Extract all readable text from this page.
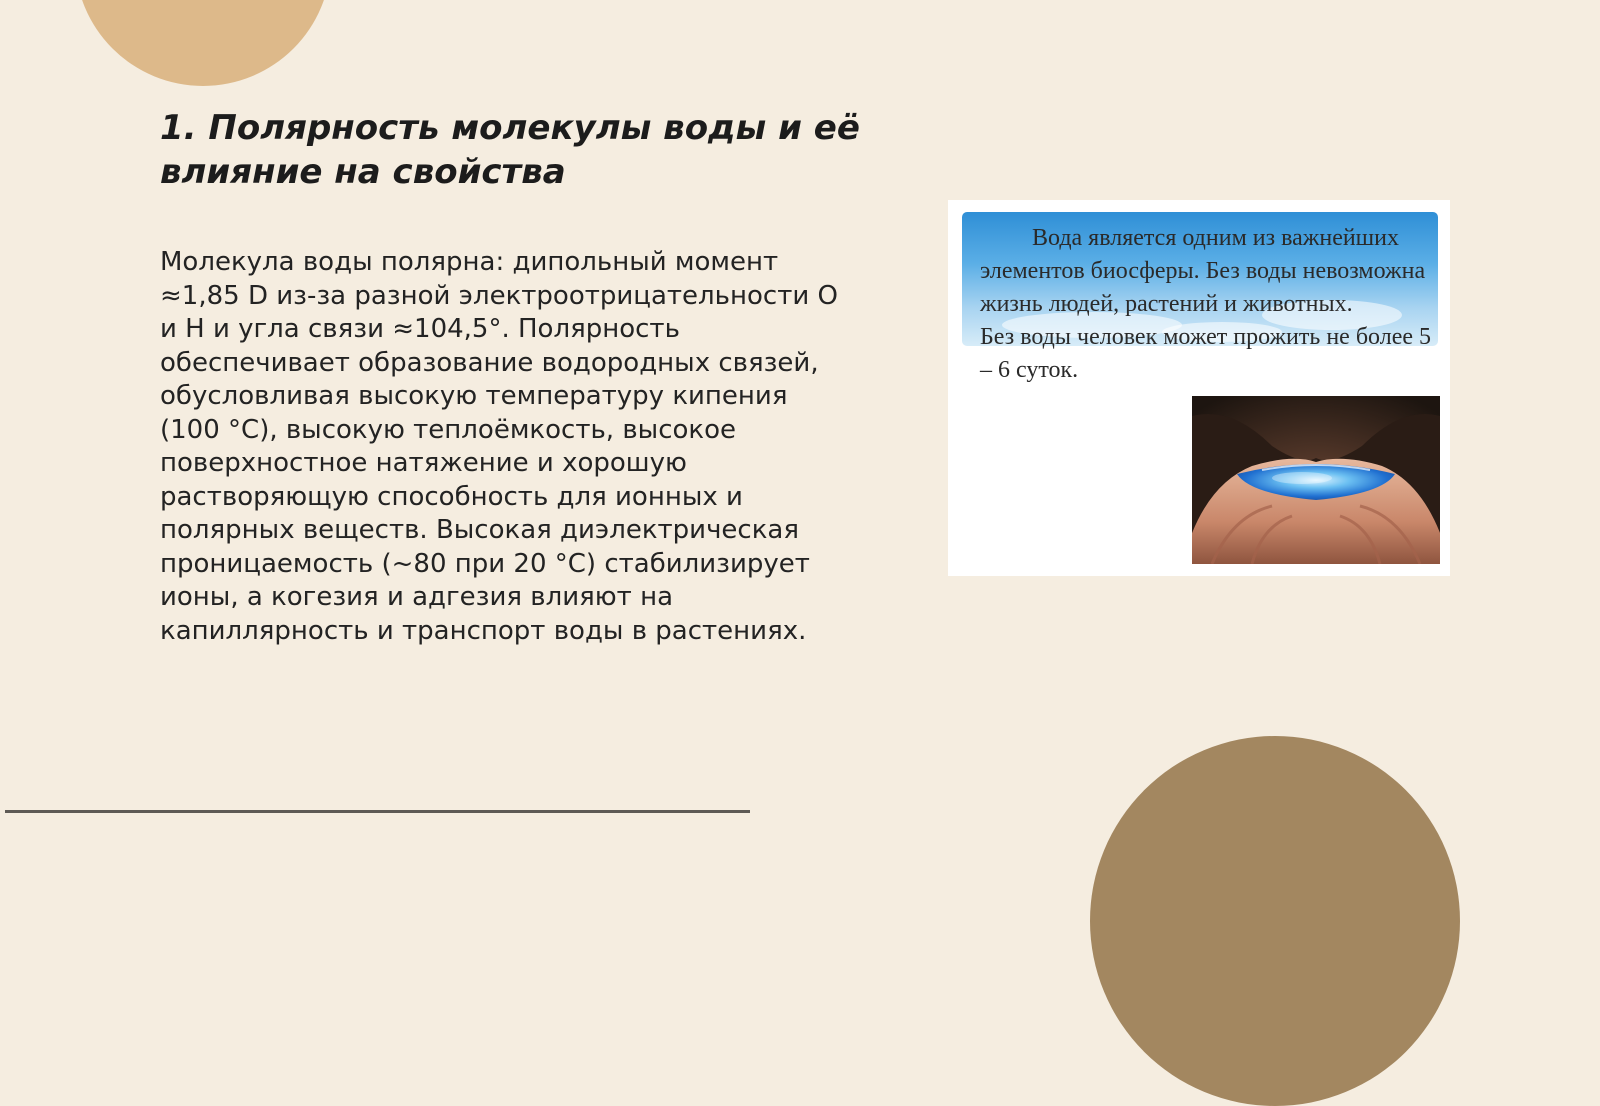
1. Полярность молекулы воды и её влияние на свойства

Молекула воды полярна: дипольный момент ≈1,85 D из-за разной электроотрицательности O и H и угла связи ≈104,5°. Полярность обеспечивает образование водородных связей, обусловливая высокую температуру кипения (100 °C), высокую теплоёмкость, высокое поверхностное натяжение и хорошую растворяющую способность для ионных и полярных веществ. Высокая диэлектрическая проницаемость (~80 при 20 °C) стабилизирует ионы, а когезия и адгезия влияют на капиллярность и транспорт воды в растениях.

Вода является одним из важнейших элементов биосферы. Без воды невозможна жизнь людей, растений и животных.
Без воды человек может прожить не более 5 – 6 суток.
